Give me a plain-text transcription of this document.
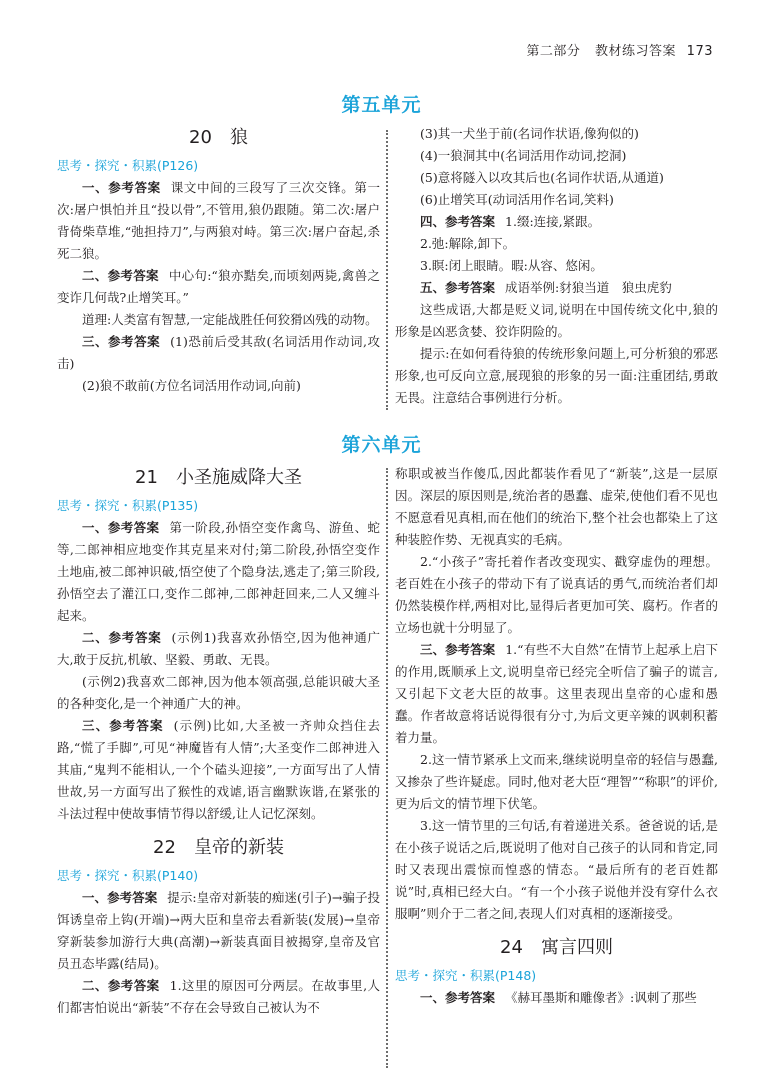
第二部分 教材练习答案 173
第五单元
20 狼
思考・探究・积累(P126)

一、参考答案 课文中间的三段写了三次交锋。第一次:屠户惧怕并且“投以骨”,不管用,狼仍跟随。第二次:屠户背倚柴草堆,“弛担持刀”,与两狼对峙。第三次:屠户奋起,杀死二狼。

二、参考答案 中心句:“狼亦黠矣,而顷刻两毙,禽兽之变诈几何哉?止增笑耳。”

道理:人类富有智慧,一定能战胜任何狡猾凶残的动物。

三、参考答案 (1)恐前后受其敌(名词活用作动词,攻击)

(2)狼不敢前(方位名词活用作动词,向前)

(3)其一犬坐于前(名词作状语,像狗似的)

(4)一狼洞其中(名词活用作动词,挖洞)

(5)意将隧入以攻其后也(名词作状语,从通道)

(6)止增笑耳(动词活用作名词,笑料)

四、参考答案 1.缀:连接,紧跟。

2.弛:解除,卸下。

3.瞑:闭上眼睛。暇:从容、悠闲。

五、参考答案 成语举例:豺狼当道　狼虫虎豹

这些成语,大都是贬义词,说明在中国传统文化中,狼的形象是凶恶贪婪、狡诈阴险的。

提示:在如何看待狼的传统形象问题上,可分析狼的邪恶形象,也可反向立意,展现狼的形象的另一面:注重团结,勇敢无畏。注意结合事例进行分析。

第六单元
21 小圣施威降大圣
思考・探究・积累(P135)

一、参考答案 第一阶段,孙悟空变作禽鸟、游鱼、蛇等,二郎神相应地变作其克星来对付;第二阶段,孙悟空变作土地庙,被二郎神识破,悟空使了个隐身法,逃走了;第三阶段,孙悟空去了灌江口,变作二郎神,二郎神赶回来,二人又缠斗起来。

二、参考答案 (示例1)我喜欢孙悟空,因为他神通广大,敢于反抗,机敏、坚毅、勇敢、无畏。

(示例2)我喜欢二郎神,因为他本领高强,总能识破大圣的各种变化,是一个神通广大的神。

三、参考答案 (示例)比如,大圣被一齐帅众挡住去路,“慌了手脚”,可见“神魔皆有人情”;大圣变作二郎神进入其庙,“鬼判不能相认,一个个磕头迎接”,一方面写出了人情世故,另一方面写出了猴性的戏谑,语言幽默诙谐,在紧张的斗法过程中使故事情节得以舒缓,让人记忆深刻。

22 皇帝的新装
思考・探究・积累(P140)

一、参考答案 提示:皇帝对新装的痴迷(引子)→骗子投饵诱皇帝上钩(开端)→两大臣和皇帝去看新装(发展)→皇帝穿新装参加游行大典(高潮)→新装真面目被揭穿,皇帝及官员丑态毕露(结局)。

二、参考答案 1.这里的原因可分两层。在故事里,人们都害怕说出“新装”不存在会导致自己被认为不

称职或被当作傻瓜,因此都装作看见了“新装”,这是一层原因。深层的原因则是,统治者的愚蠢、虚荣,使他们看不见也不愿意看见真相,而在他们的统治下,整个社会也都染上了这种装腔作势、无视真实的毛病。

2.“小孩子”寄托着作者改变现实、戳穿虚伪的理想。老百姓在小孩子的带动下有了说真话的勇气,而统治者们却仍然装模作样,两相对比,显得后者更加可笑、腐朽。作者的立场也就十分明显了。

三、参考答案 1.“有些不大自然”在情节上起承上启下的作用,既顺承上文,说明皇帝已经完全听信了骗子的谎言,又引起下文老大臣的故事。这里表现出皇帝的心虚和愚蠢。作者故意将话说得很有分寸,为后文更辛辣的讽刺积蓄着力量。

2.这一情节紧承上文而来,继续说明皇帝的轻信与愚蠢,又掺杂了些许疑虑。同时,他对老大臣“理智”“称职”的评价,更为后文的情节埋下伏笔。

3.这一情节里的三句话,有着递进关系。爸爸说的话,是在小孩子说话之后,既说明了他对自己孩子的认同和肯定,同时又表现出震惊而惶惑的情态。“最后所有的老百姓都说”时,真相已经大白。“有一个小孩子说他并没有穿什么衣服啊”则介于二者之间,表现人们对真相的逐渐接受。

24 寓言四则
思考・探究・积累(P148)

一、参考答案 《赫耳墨斯和雕像者》:讽刺了那些
